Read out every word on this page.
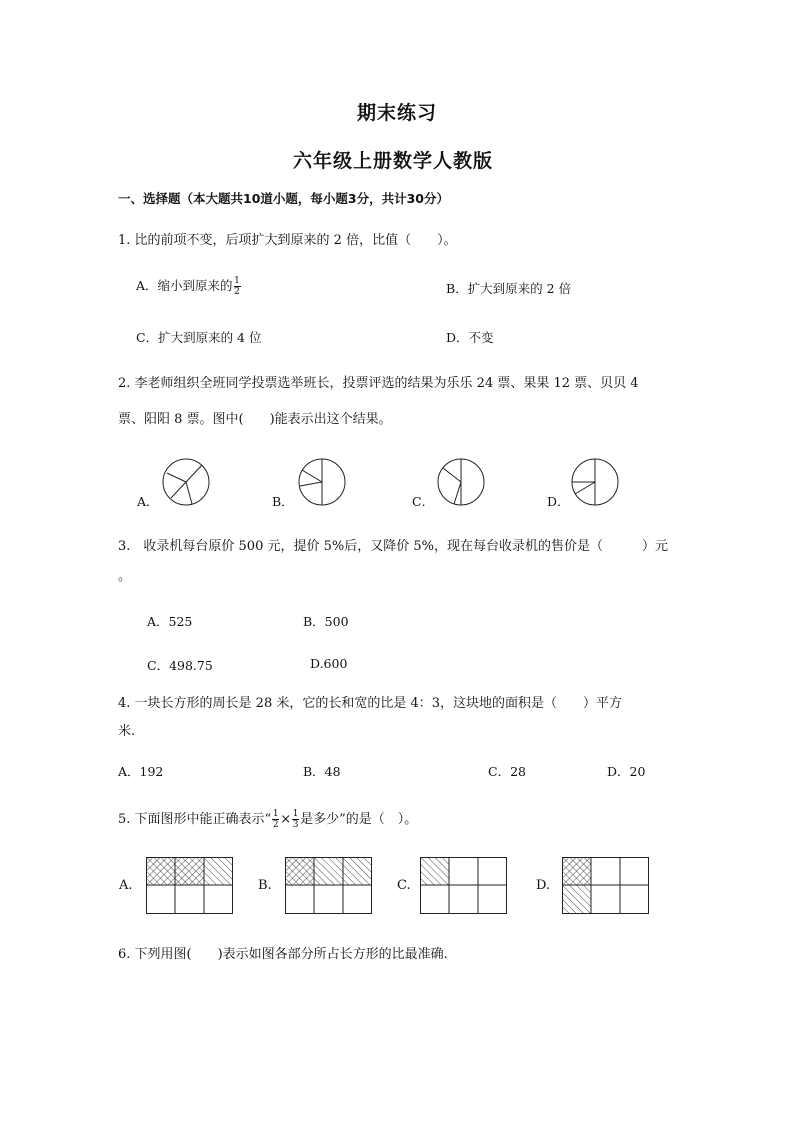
期末练习
六年级上册数学人教版
一、选择题（本大题共10道小题，每小题3分，共计30分）
1. 比的前项不变，后项扩大到原来的 2 倍，比值（　　）。
A．缩小到原来的 $\frac{1}{2}$	B．扩大到原来的 2 倍
C．扩大到原来的 4 位	D．不变
2. 李老师组织全班同学投票选举班长，投票评选的结果为乐乐 24 票、果果 12 票、贝贝 4
票、阳阳 8 票。图中(　　)能表示出这个结果。
A．	B．	C．	D．
3.　收录机每台原价 500 元，提价 5%后，又降价 5%，现在每台收录机的售价是（　　　）元
。
A．525	B．500
C．498.75	D.600
4. 一块长方形的周长是 28 米，它的长和宽的比是 4：3，这块地的面积是（　　）平方
米.
A．192	B．48	C．28	D．20
5. 下面图形中能正确表示“ $\frac{1}{2} \times \frac{1}{3}$ 是多少”的是（　）。
A.	B.	C.	D.
6. 下列用图(　　)表示如图各部分所占长方形的比最准确.
